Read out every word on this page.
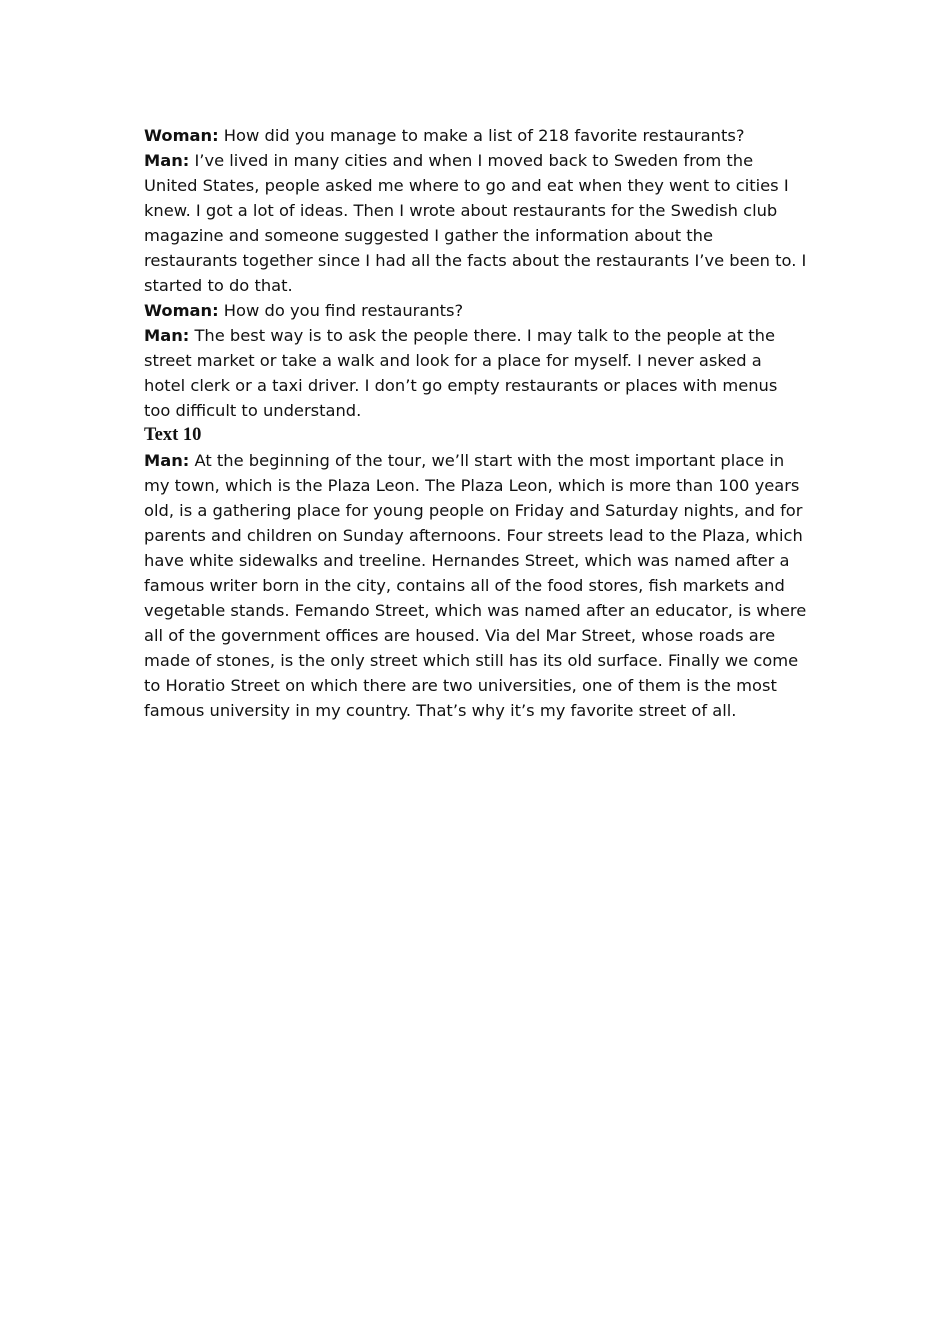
Woman: How did you manage to make a list of 218 favorite restaurants?

Man: I’ve lived in many cities and when I moved back to Sweden from the United States, people asked me where to go and eat when they went to cities I knew. I got a lot of ideas. Then I wrote about restaurants for the Swedish club magazine and someone suggested I gather the information about the restaurants together since I had all the facts about the restaurants I’ve been to. I started to do that.

Woman: How do you find restaurants?

Man: The best way is to ask the people there. I may talk to the people at the street market or take a walk and look for a place for myself. I never asked a hotel clerk or a taxi driver. I don’t go empty restaurants or places with menus too difficult to understand.

Text 10

Man: At the beginning of the tour, we’ll start with the most important place in my town, which is the Plaza Leon. The Plaza Leon, which is more than 100 years old, is a gathering place for young people on Friday and Saturday nights, and for parents and children on Sunday afternoons. Four streets lead to the Plaza, which have white sidewalks and treeline. Hernandes Street, which was named after a famous writer born in the city, contains all of the food stores, fish markets and vegetable stands. Femando Street, which was named after an educator, is where all of the government offices are housed. Via del Mar Street, whose roads are made of stones, is the only street which still has its old surface. Finally we come to Horatio Street on which there are two universities, one of them is the most famous university in my country. That’s why it’s my favorite street of all.
